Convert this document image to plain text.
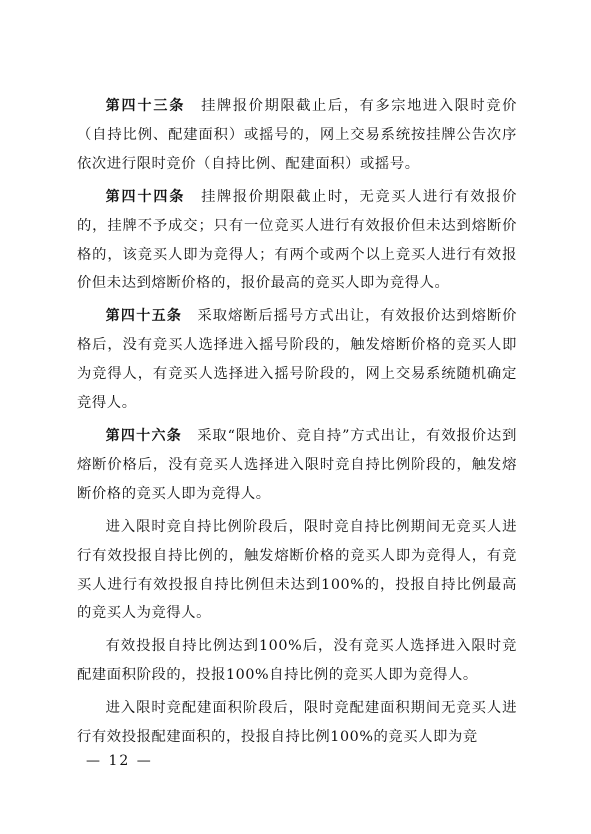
第四十三条　 挂牌报价期限截止后，有多宗地进入限时竞价（自持比例、配建面积）或摇号的，网上交易系统按挂牌公告次序依次进行限时竞价（自持比例、配建面积）或摇号。

第四十四条　 挂牌报价期限截止时，无竞买人进行有效报价的，挂牌不予成交；只有一位竞买人进行有效报价但未达到熔断价格的，该竞买人即为竞得人；有两个或两个以上竞买人进行有效报价但未达到熔断价格的，报价最高的竞买人即为竞得人。

第四十五条　 采取熔断后摇号方式出让，有效报价达到熔断价格后，没有竞买人选择进入摇号阶段的，触发熔断价格的竞买人即为竞得人，有竞买人选择进入摇号阶段的，网上交易系统随机确定竞得人。

第四十六条　 采取“限地价、竞自持”方式出让，有效报价达到熔断价格后，没有竞买人选择进入限时竞自持比例阶段的，触发熔断价格的竞买人即为竞得人。

进入限时竞自持比例阶段后，限时竞自持比例期间无竞买人进行有效投报自持比例的，触发熔断价格的竞买人即为竞得人，有竞买人进行有效投报自持比例但未达到100%的，投报自持比例最高的竞买人为竞得人。

有效投报自持比例达到100%后，没有竞买人选择进入限时竞配建面积阶段的，投报100%自持比例的竞买人即为竞得人。

进入限时竞配建面积阶段后，限时竞配建面积期间无竞买人进行有效投报配建面积的，投报自持比例100%的竞买人即为竞

— 12 —
